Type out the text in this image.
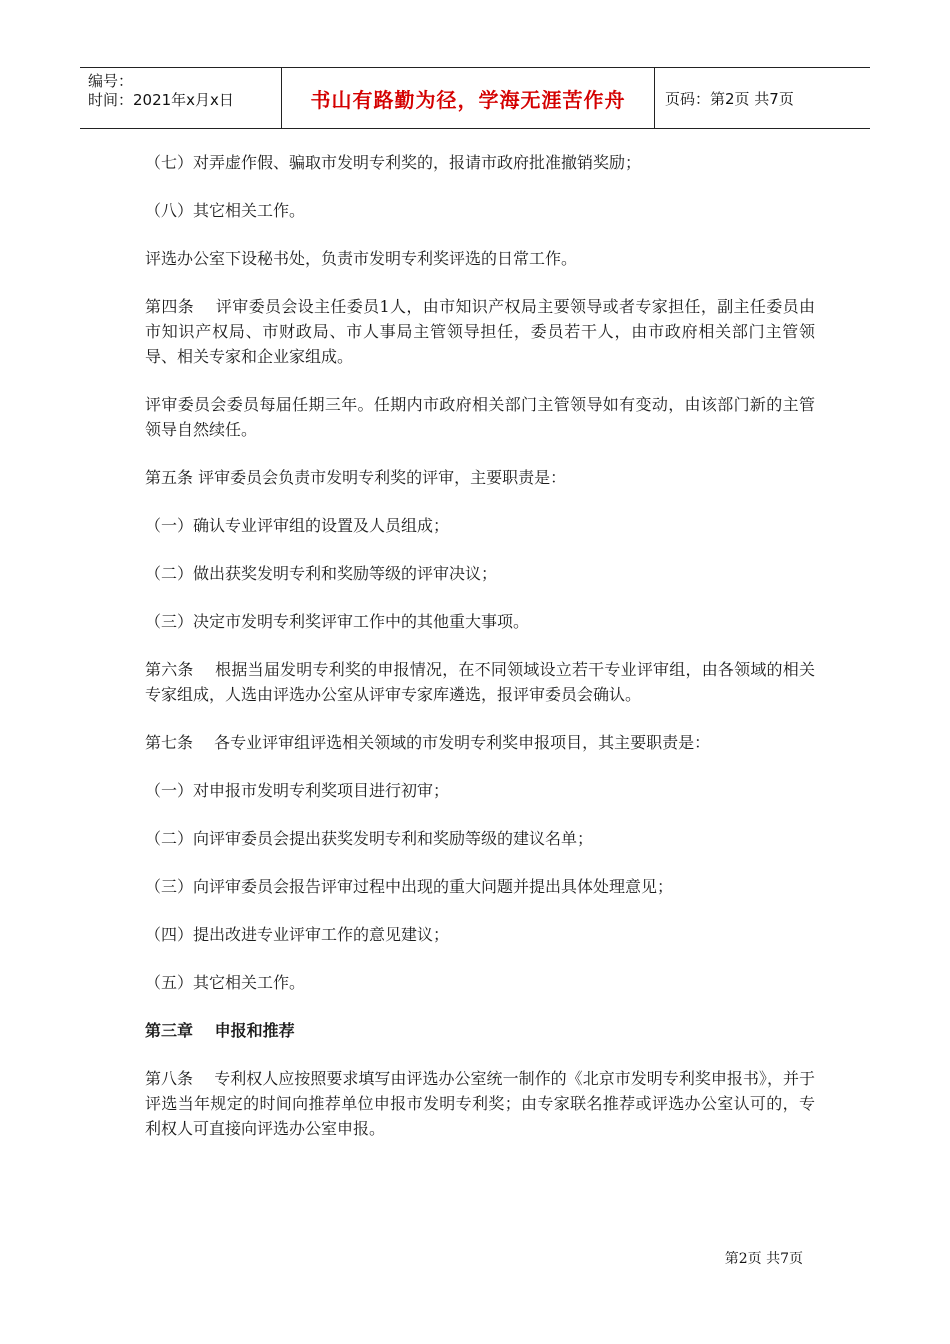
编号：
时间：2021年x月x日	书山有路勤为径，学海无涯苦作舟	页码：第2页 共7页

（七）对弄虚作假、骗取市发明专利奖的，报请市政府批准撤销奖励；

（八）其它相关工作。

评选办公室下设秘书处，负责市发明专利奖评选的日常工作。

第四条　 评审委员会设主任委员1人，由市知识产权局主要领导或者专家担任，副主任委员由市知识产权局、市财政局、市人事局主管领导担任，委员若干人，由市政府相关部门主管领导、相关专家和企业家组成。

评审委员会委员每届任期三年。任期内市政府相关部门主管领导如有变动，由该部门新的主管领导自然续任。

第五条 评审委员会负责市发明专利奖的评审，主要职责是：

（一）确认专业评审组的设置及人员组成；

（二）做出获奖发明专利和奖励等级的评审决议；

（三）决定市发明专利奖评审工作中的其他重大事项。

第六条　 根据当届发明专利奖的申报情况，在不同领域设立若干专业评审组，由各领域的相关专家组成，人选由评选办公室从评审专家库遴选，报评审委员会确认。

第七条　 各专业评审组评选相关领域的市发明专利奖申报项目，其主要职责是：

（一）对申报市发明专利奖项目进行初审；

（二）向评审委员会提出获奖发明专利和奖励等级的建议名单；

（三）向评审委员会报告评审过程中出现的重大问题并提出具体处理意见；

（四）提出改进专业评审工作的意见建议；

（五）其它相关工作。

第三章　 申报和推荐

第八条　 专利权人应按照要求填写由评选办公室统一制作的《北京市发明专利奖申报书》，并于评选当年规定的时间向推荐单位申报市发明专利奖；由专家联名推荐或评选办公室认可的，专利权人可直接向评选办公室申报。

第2页 共7页
